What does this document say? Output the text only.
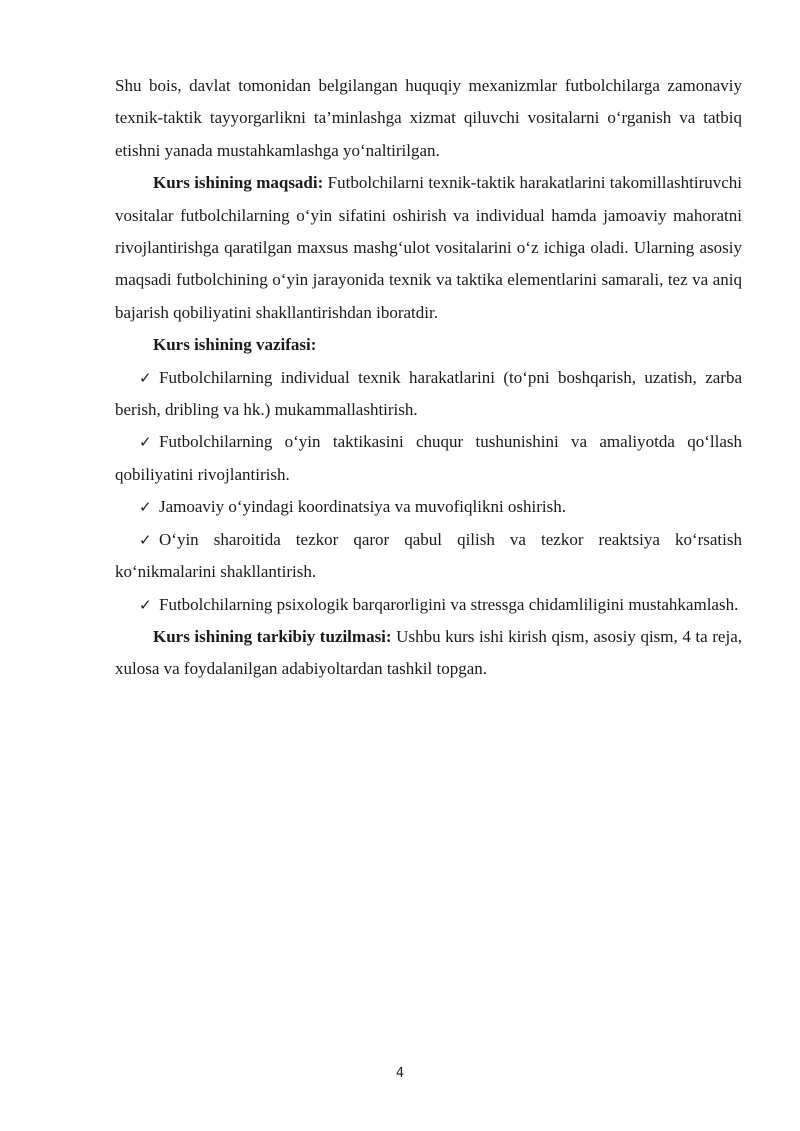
Shu bois, davlat tomonidan belgilangan huquqiy mexanizmlar futbolchilarga zamonaviy texnik-taktik tayyorgarlikni ta’minlashga xizmat qiluvchi vositalarni o‘rganish va tatbiq etishni yanada mustahkamlashga yo‘naltirilgan.

Kurs ishining maqsadi: Futbolchilarni texnik-taktik harakatlarini takomillashtiruvchi vositalar futbolchilarning o‘yin sifatini oshirish va individual hamda jamoaviy mahoratni rivojlantirishga qaratilgan maxsus mashg‘ulot vositalarini o‘z ichiga oladi. Ularning asosiy maqsadi futbolchining o‘yin jarayonida texnik va taktika elementlarini samarali, tez va aniq bajarish qobiliyatini shakllantirishdan iboratdir.

Kurs ishining vazifasi:

✓ Futbolchilarning individual texnik harakatlarini (to‘pni boshqarish, uzatish, zarba berish, dribling va hk.) mukammallashtirish.

✓ Futbolchilarning o‘yin taktikasini chuqur tushunishini va amaliyotda qo‘llash qobiliyatini rivojlantirish.

✓ Jamoaviy o‘yindagi koordinatsiya va muvofiqlikni oshirish.

✓ O‘yin sharoitida tezkor qaror qabul qilish va tezkor reaktsiya ko‘rsatish ko‘nikmalarini shakllantirish.

✓ Futbolchilarning psixologik barqarorligini va stressga chidamliligini mustahkamlash.

Kurs ishining tarkibiy tuzilmasi: Ushbu kurs ishi kirish qism, asosiy qism, 4 ta reja, xulosa va foydalanilgan adabiyoltardan tashkil topgan.

4
